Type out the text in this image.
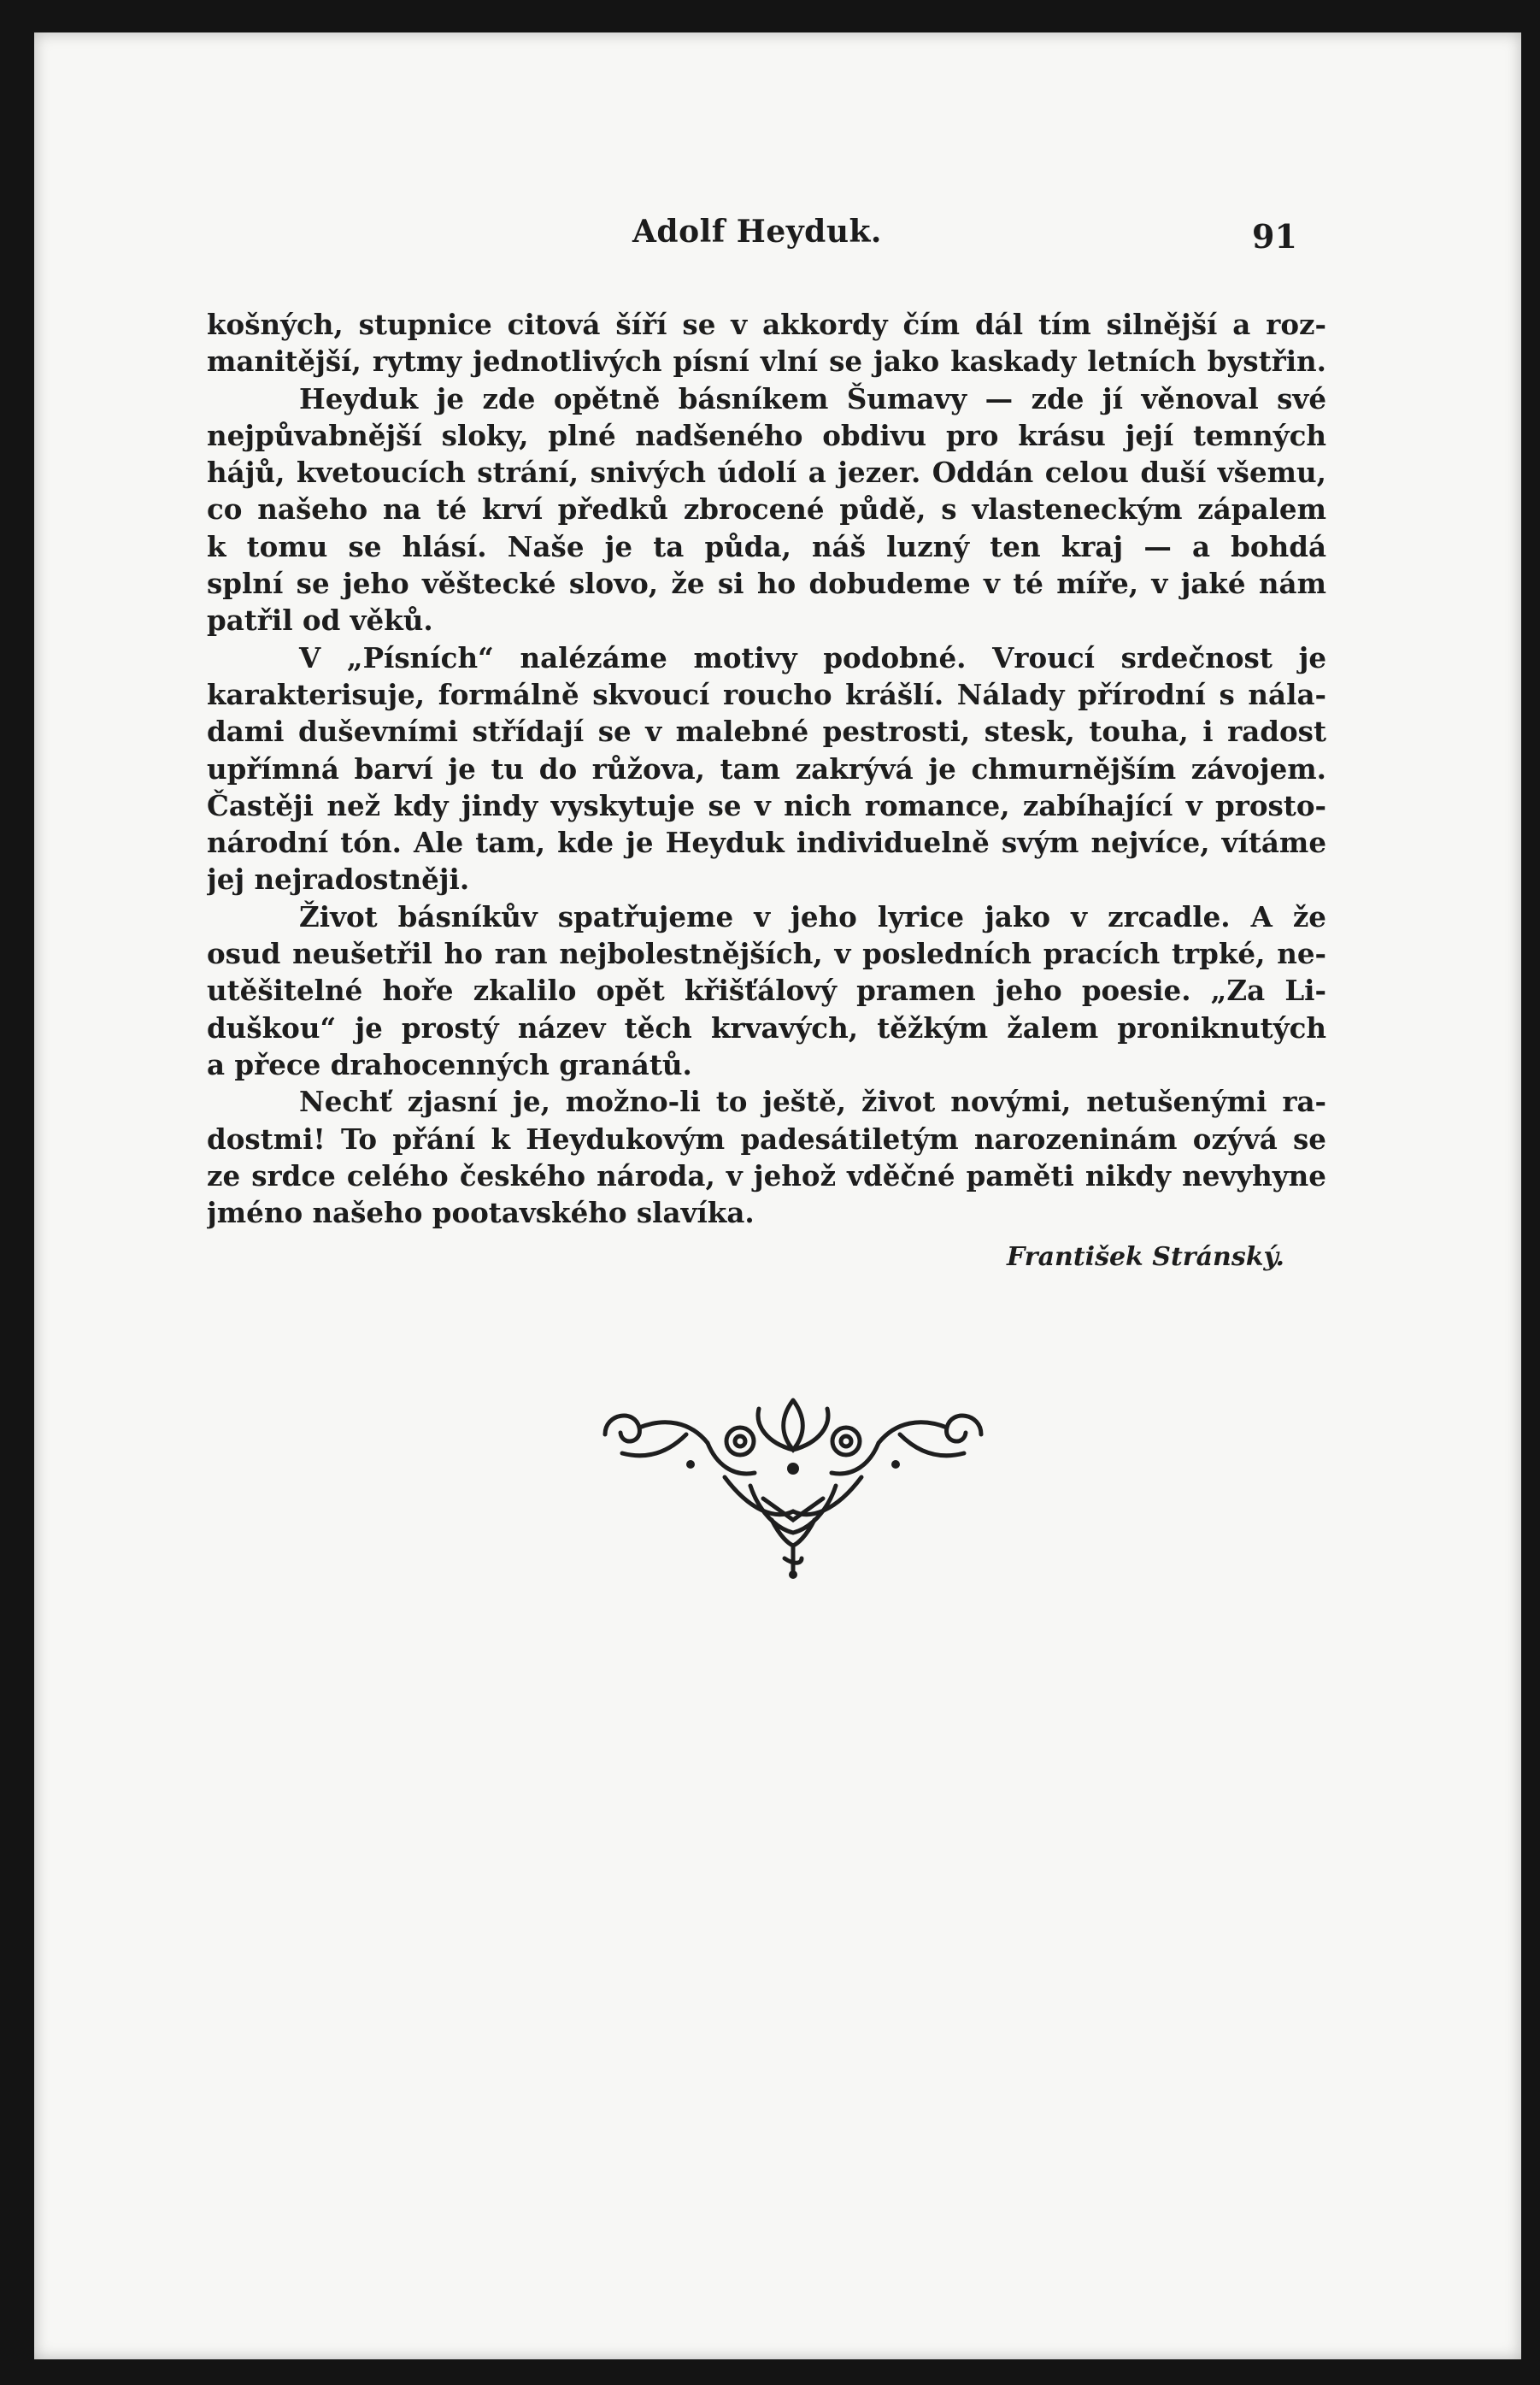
Adolf Heyduk.	91
košných, stupnice citová šíří se v akkordy čím dál tím silnější a roz-
manitější, rytmy jednotlivých písní vlní se jako kaskady letních bystřin.
Heyduk je zde opětně básníkem Šumavy — zde jí věnoval své
nejpůvabnější sloky, plné nadšeného obdivu pro krásu její temných
hájů, kvetoucích strání, snivých údolí a jezer. Oddán celou duší všemu,
co našeho na té krví předků zbrocené půdě, s vlasteneckým zápalem
k tomu se hlásí. Naše je ta půda, náš luzný ten kraj — a bohdá
splní se jeho věštecké slovo, že si ho dobudeme v té míře, v jaké nám
patřil od věků.
V „Písních“ nalézáme motivy podobné. Vroucí srdečnost je
karakterisuje, formálně skvoucí roucho krášlí. Nálady přírodní s nála-
dami duševními střídají se v malebné pestrosti, stesk, touha, i radost
upřímná barví je tu do růžova, tam zakrývá je chmurnějším závojem.
Častěji než kdy jindy vyskytuje se v nich romance, zabíhající v prosto-
národní tón. Ale tam, kde je Heyduk individuelně svým nejvíce, vítáme
jej nejradostněji.
Život básníkův spatřujeme v jeho lyrice jako v zrcadle. A že
osud neušetřil ho ran nejbolestnějších, v posledních pracích trpké, ne-
utěšitelné hoře zkalilo opět křišťálový pramen jeho poesie. „Za Li-
duškou“ je prostý název těch krvavých, těžkým žalem proniknutých
a přece drahocenných granátů.
Nechť zjasní je, možno-li to ještě, život novými, netušenými ra-
dostmi! To přání k Heydukovým padesátiletým narozeninám ozývá se
ze srdce celého českého národa, v jehož vděčné paměti nikdy nevyhyne
jméno našeho pootavského slavíka.
František Stránský.
